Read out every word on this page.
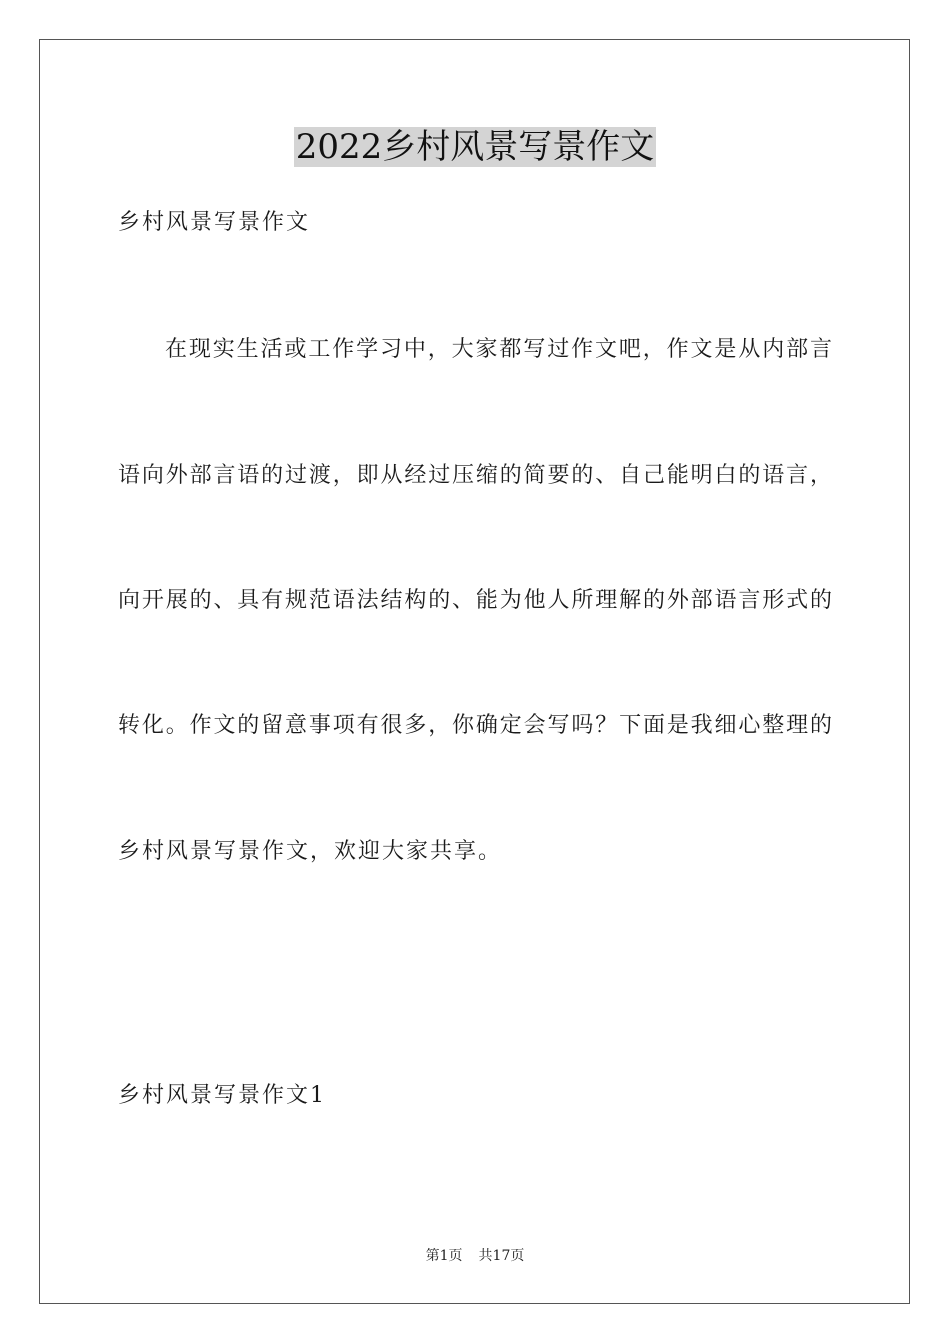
2022乡村风景写景作文
乡村风景写景作文
在现实生活或工作学习中，大家都写过作文吧，作文是从内部言
语向外部言语的过渡，即从经过压缩的简要的、自己能明白的语言，
向开展的、具有规范语法结构的、能为他人所理解的外部语言形式的
转化。作文的留意事项有很多，你确定会写吗？下面是我细心整理的
乡村风景写景作文，欢迎大家共享。
乡村风景写景作文1
第1页 共17页
